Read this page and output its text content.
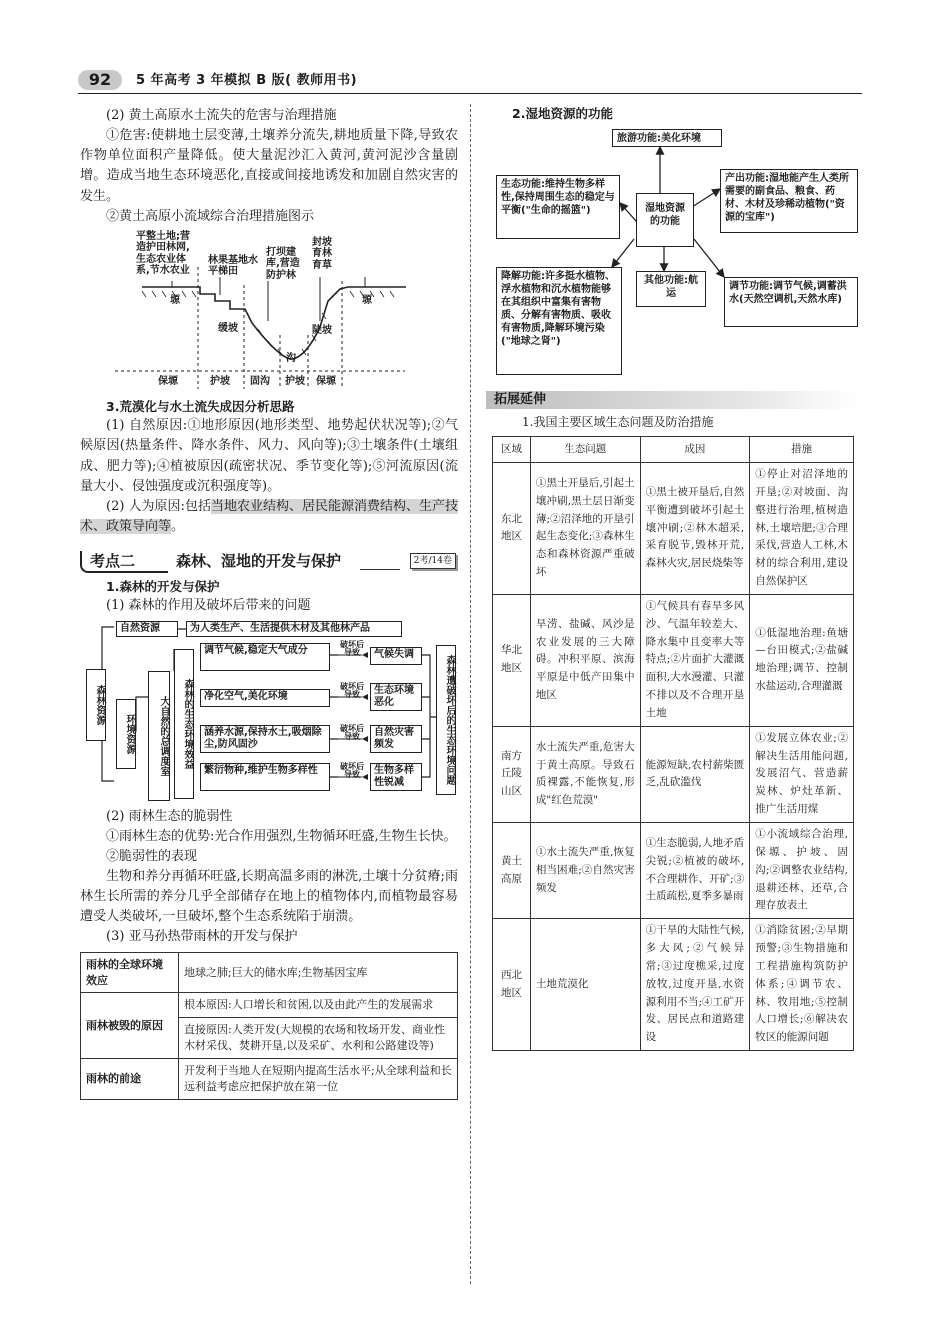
92	5 年高考 3 年模拟 B 版( 教师用书)
(2) 黄土高原水土流失的危害与治理措施
①危害:使耕地土层变薄,土壤养分流失,耕地质量下降,导致农作物单位面积产量降低。使大量泥沙汇入黄河,黄河泥沙含量剧增。造成当地生态环境恶化,直接或间接地诱发和加剧自然灾害的发生。
②黄土高原小流域综合治理措施图示
平整土地;营造护田林网,生态农业体系,节水农业
林果基地水平梯田
打坝建库,营造防护林
封坡育林育草
塬	塬
缓坡	陡坡
沟
保塬	护坡 固沟 护坡 保塬
3.荒漠化与水土流失成因分析思路
(1) 自然原因:①地形原因(地形类型、地势起伏状况等);②气候原因(热量条件、降水条件、风力、风向等);③土壤条件(土壤组成、肥力等);④植被原因(疏密状况、季节变化等);⑤河流原因(流量大小、侵蚀强度或沉积强度等)。
(2) 人为原因:包括当地农业结构、居民能源消费结构、生产技术、政策导向等。
考点二	森林、湿地的开发与保护	2考/14卷
1.森林的开发与保护
(1) 森林的作用及破坏后带来的问题
森林资源
自然资源	为人类生产、生活提供木材及其他林产品
环境资源	大自然的总调度室	森林的生态环境效益
调节气候,稳定大气成分
净化空气,美化环境
涵养水源,保持水土,吸烟除尘,防风固沙
繁衍物种,维护生物多样性
破坏后导致
破坏后导致
破坏后导致
破坏后导致
气候失调
生态环境恶化
自然灾害频发
生物多样性锐减	森林遭破坏后的生态环境问题
(2) 雨林生态的脆弱性
①雨林生态的优势:光合作用强烈,生物循环旺盛,生物生长快。
②脆弱性的表现
生物和养分再循环旺盛,长期高温多雨的淋洗,土壤十分贫瘠;雨林生长所需的养分几乎全部储存在地上的植物体内,而植物最容易遭受人类破坏,一旦破坏,整个生态系统陷于崩溃。
(3) 亚马孙热带雨林的开发与保护
雨林的全球环境效应	地球之肺;巨大的储水库;生物基因宝库
雨林被毁的原因	根本原因:人口增长和贫困,以及由此产生的发展需求
	直接原因:人类开发(大规模的农场和牧场开发、商业性木材采伐、焚耕开垦,以及采矿、水利和公路建设等)
雨林的前途	开发利于当地人在短期内提高生活水平;从全球利益和长远利益考虑应把保护放在第一位
2.湿地资源的功能
旅游功能:美化环境
生态功能:维持生物多样性,保持周围生态的稳定与平衡("生命的摇篮")	湿地资源的功能
产出功能:湿地能产生人类所需要的副食品、粮食、药材、木材及珍稀动植物("资源的宝库")
降解功能:许多挺水植物、浮水植物和沉水植物能够在其组织中富集有害物质、分解有害物质、吸收有害物质,降解环境污染("地球之肾")
其他功能:航运
调节功能:调节气候,调蓄洪水(天然空调机,天然水库)
拓展延伸
1.我国主要区域生态问题及防治措施
区域	生态问题	成因	措施
东北地区	①黑土开垦后,引起土壤冲刷,黑土层日渐变薄;②沼泽地的开垦引起生态变化;③森林生态和森林资源严重破坏	①黑土被开垦后,自然平衡遭到破坏引起土壤冲刷;②林木超采,采育脱节,毁林开荒,森林火灾,居民烧柴等	①停止对沼泽地的开垦;②对坡面、沟壑进行治理,植树造林,土壤培肥;③合理采伐,营造人工林,木材的综合利用,建设自然保护区
华北地区	旱涝、盐碱、风沙是农业发展的三大障碍。冲积平原、滨海平原是中低产田集中地区	①气候具有春旱多风沙、气温年较差大、降水集中且变率大等特点;②片面扩大灌溉面积,大水漫灌、只灌不排以及不合理开垦土地	①低湿地治理:鱼塘—台田模式;②盐碱地治理;调节、控制水盐运动,合理灌溉
南方丘陵山区	水土流失严重,危害大于黄土高原。导致石质裸露,不能恢复,形成"红色荒漠"	能源短缺,农村薪柴匮乏,乱砍滥伐	①发展立体农业;②解决生活用能问题,发展沼气、营造薪炭林、炉灶革新、推广生活用煤
黄土高原	①水土流失严重,恢复相当困难;②自然灾害频发	①生态脆弱,人地矛盾尖锐;②植被的破坏,不合理耕作、开矿;③土质疏松,夏季多暴雨	①小流域综合治理,保塬、护坡、固沟;②调整农业结构,退耕还林、还草,合理存放表土
西北地区	土地荒漠化	①干旱的大陆性气候,多大风;②气候异常;③过度樵采,过度放牧,过度开垦,水资源利用不当;④工矿开发、居民点和道路建设	①消除贫困;②早期预警;③生物措施和工程措施构筑防护体系;④调节农、林、牧用地;⑤控制人口增长;⑥解决农牧区的能源问题
